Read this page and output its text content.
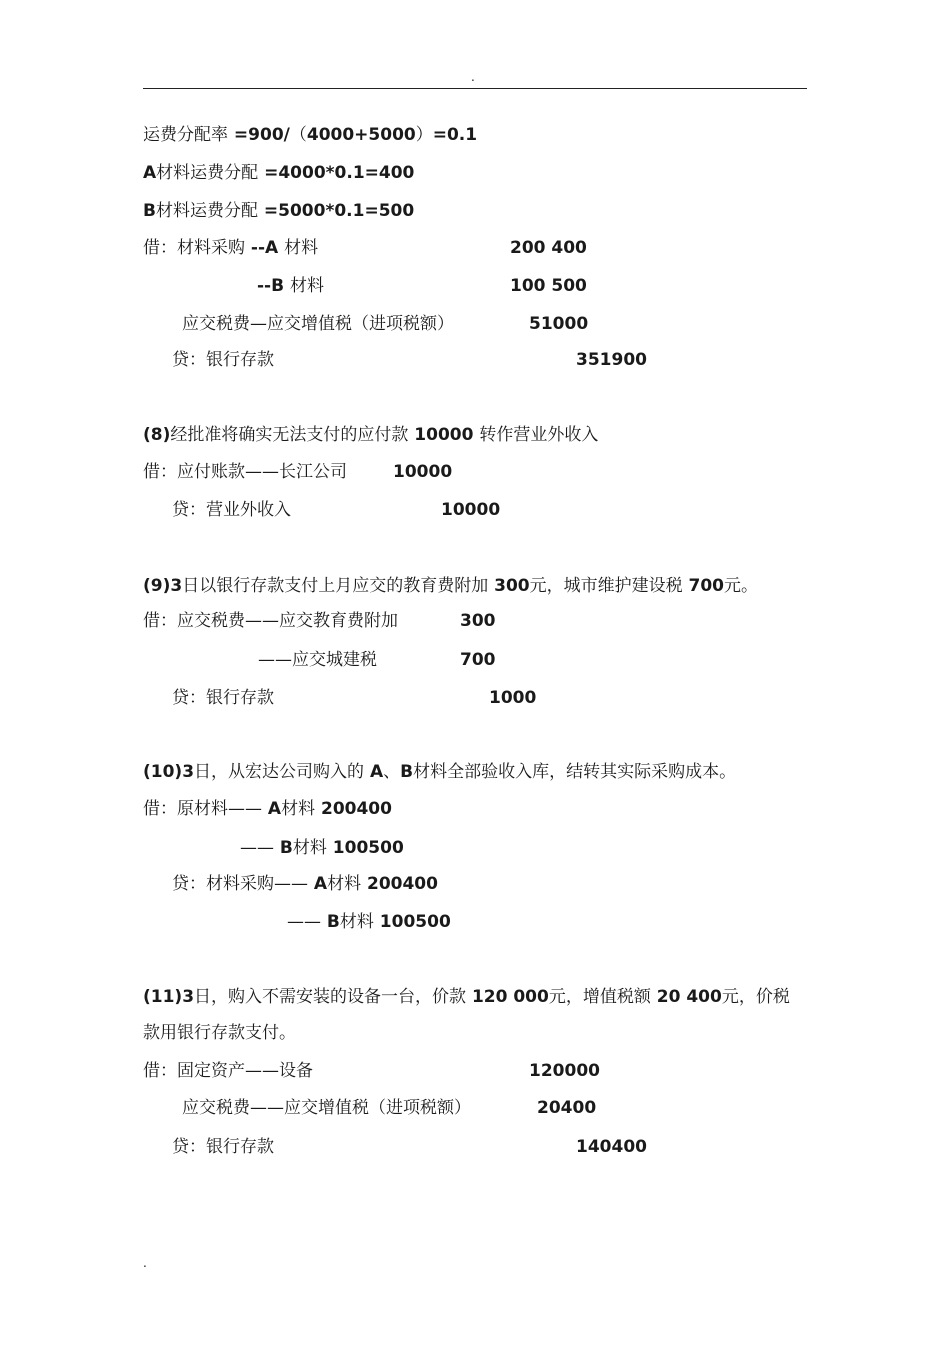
.
运费分配率 =900/（4000+5000）=0.1
A材料运费分配 =4000*0.1=400
B材料运费分配 =5000*0.1=500
借：材料采购 --A 材料
--B 材料
应交税费—应交增值税（进项税额）
贷：银行存款
(8)经批准将确实无法支付的应付款 10000 转作营业外收入
借：应付账款——长江公司
贷：营业外收入
(9)3日以银行存款支付上月应交的教育费附加 300元，城市维护建设税 700元。
借：应交税费——应交教育费附加
——应交城建税
贷：银行存款
(10)3日，从宏达公司购入的 A、B材料全部验收入库，结转其实际采购成本。
借：原材料—— A材料 200400
—— B材料 100500
贷：材料采购—— A材料 200400
—— B材料 100500
(11)3日，购入不需安装的设备一台，价款 120 000元，增值税额 20 400元，价税
款用银行存款支付。
借：固定资产——设备
应交税费——应交增值税（进项税额）
贷：银行存款
200 400
100 500
51000
351900
10000
10000
300
700
1000
120000
20400
140400
.
